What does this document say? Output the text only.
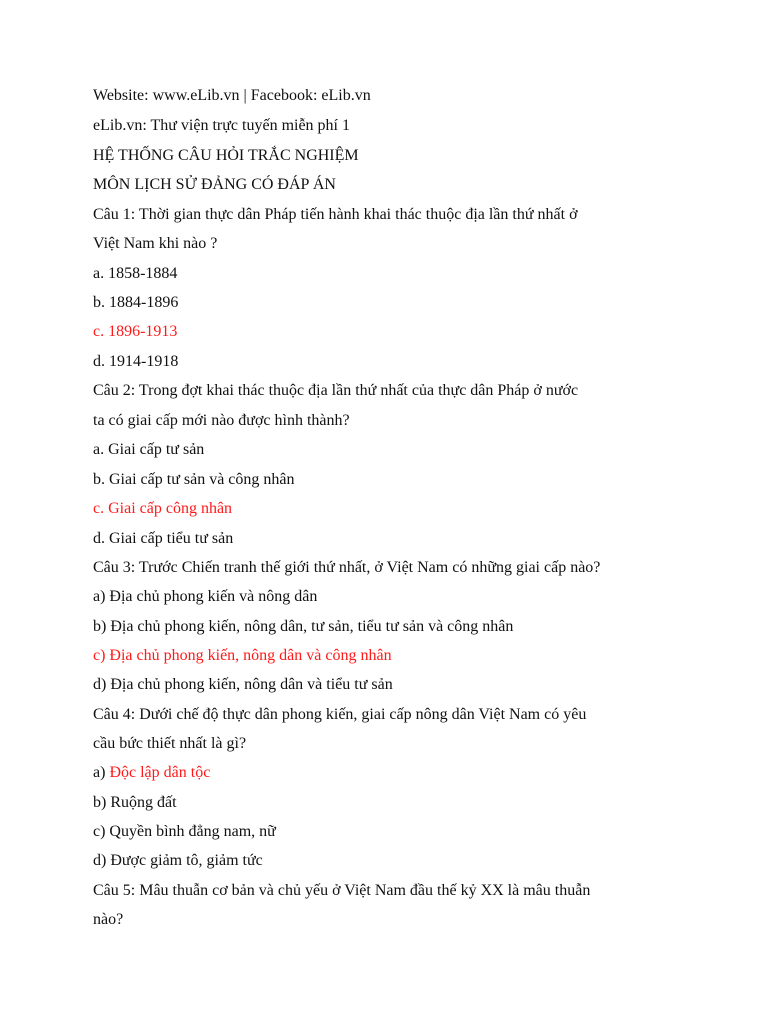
Website: www.eLib.vn | Facebook: eLib.vn
eLib.vn: Thư viện trực tuyến miễn phí 1
HỆ THỐNG CÂU HỎI TRẮC NGHIỆM
MÔN LỊCH SỬ ĐẢNG CÓ ĐÁP ÁN
Câu 1: Thời gian thực dân Pháp tiến hành khai thác thuộc địa lần thứ nhất ở
Việt Nam khi nào ?
a. 1858-1884
b. 1884-1896
c. 1896-1913
d. 1914-1918
Câu 2: Trong đợt khai thác thuộc địa lần thứ nhất của thực dân Pháp ở nước
ta có giai cấp mới nào được hình thành?
a. Giai cấp tư sản
b. Giai cấp tư sản và công nhân
c. Giai cấp công nhân
d. Giai cấp tiểu tư sản
Câu 3: Trước Chiến tranh thế giới thứ nhất, ở Việt Nam có những giai cấp nào?
a) Địa chủ phong kiến và nông dân
b) Địa chủ phong kiến, nông dân, tư sản, tiểu tư sản và công nhân
c) Địa chủ phong kiến, nông dân và công nhân
d) Địa chủ phong kiến, nông dân và tiểu tư sản
Câu 4: Dưới chế độ thực dân phong kiến, giai cấp nông dân Việt Nam có yêu
cầu bức thiết nhất là gì?
a) Độc lập dân tộc
b) Ruộng đất
c) Quyền bình đẳng nam, nữ
d) Được giảm tô, giảm tức
Câu 5: Mâu thuẫn cơ bản và chủ yếu ở Việt Nam đầu thế kỷ XX là mâu thuẫn
nào?
